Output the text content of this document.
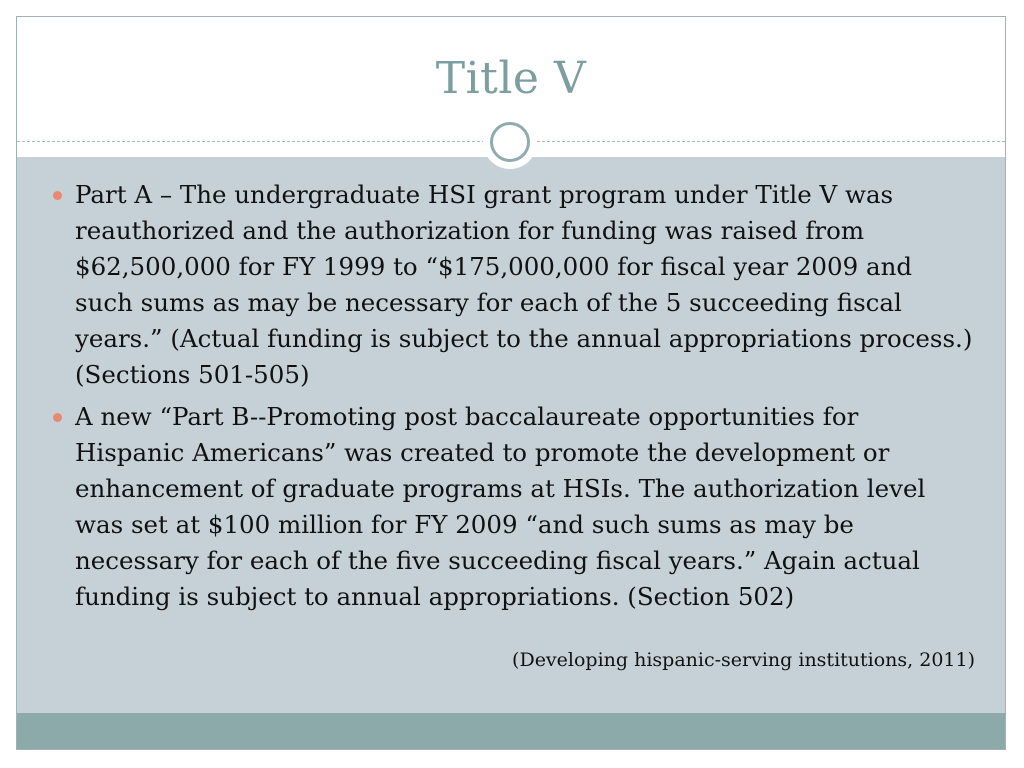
Title V
Part A – The undergraduate HSI grant program under Title V was reauthorized and the authorization for funding was raised from $62,500,000 for FY 1999 to “$175,000,000 for fiscal year 2009 and such sums as may be necessary for each of the 5 succeeding fiscal years.” (Actual funding is subject to the annual appropriations process.) (Sections 501-505)
A new “Part B--Promoting post baccalaureate opportunities for Hispanic Americans” was created to promote the development or enhancement of graduate programs at HSIs. The authorization level was set at $100 million for FY 2009 “and such sums as may be necessary for each of the five succeeding fiscal years.” Again actual funding is subject to annual appropriations. (Section 502)
(Developing hispanic-serving institutions, 2011)
